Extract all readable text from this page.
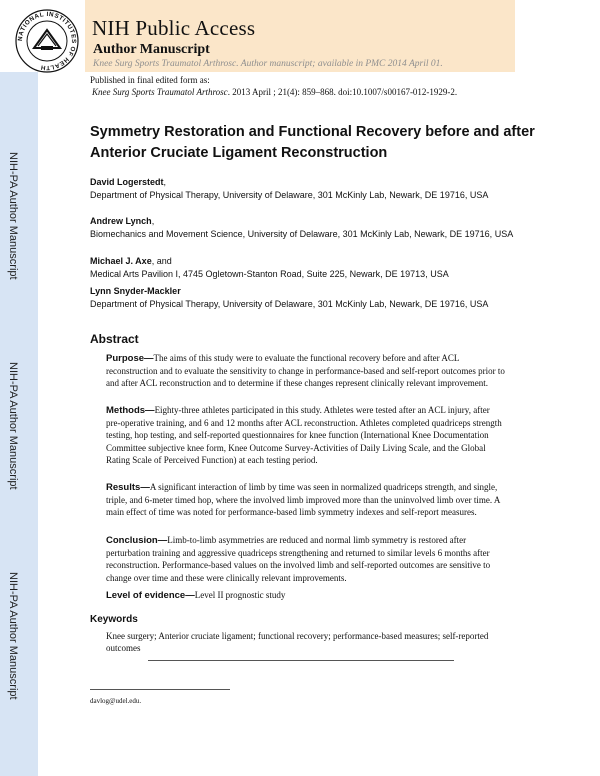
NATIONAL INSTITUTES OF HEALTH
NIH Public Access
Author Manuscript
Knee Surg Sports Traumatol Arthrosc. Author manuscript; available in PMC 2014 April 01.
NIH-PA Author Manuscript
NIH-PA Author Manuscript
NIH-PA Author Manuscript
Published in final edited form as:
Knee Surg Sports Traumatol Arthrosc. 2013 April ; 21(4): 859–868. doi:10.1007/s00167-012-1929-2.
Symmetry Restoration and Functional Recovery before and after Anterior Cruciate Ligament Reconstruction
David Logerstedt,
Department of Physical Therapy, University of Delaware, 301 McKinly Lab, Newark, DE 19716, USA
Andrew Lynch,
Biomechanics and Movement Science, University of Delaware, 301 McKinly Lab, Newark, DE 19716, USA
Michael J. Axe, and
Medical Arts Pavilion I, 4745 Ogletown-Stanton Road, Suite 225, Newark, DE 19713, USA
Lynn Snyder-Mackler
Department of Physical Therapy, University of Delaware, 301 McKinly Lab, Newark, DE 19716, USA
Abstract
Purpose—The aims of this study were to evaluate the functional recovery before and after ACL reconstruction and to evaluate the sensitivity to change in performance-based and self-report outcomes prior to and after ACL reconstruction and to determine if these changes represent clinically relevant improvement.
Methods—Eighty-three athletes participated in this study. Athletes were tested after an ACL injury, after pre-operative training, and 6 and 12 months after ACL reconstruction. Athletes completed quadriceps strength testing, hop testing, and self-reported questionnaires for knee function (International Knee Documentation Committee subjective knee form, Knee Outcome Survey-Activities of Daily Living Scale, and the Global Rating Scale of Perceived Function) at each testing period.
Results—A significant interaction of limb by time was seen in normalized quadriceps strength, and single, triple, and 6-meter timed hop, where the involved limb improved more than the uninvolved limb over time. A main effect of time was noted for performance-based limb symmetry indexes and self-report measures.
Conclusion—Limb-to-limb asymmetries are reduced and normal limb symmetry is restored after perturbation training and aggressive quadriceps strengthening and returned to similar levels 6 months after reconstruction. Performance-based values on the involved limb and self-reported outcomes are sensitive to change over time and these were clinically relevant improvements.
Level of evidence—Level II prognostic study
Keywords
Knee surgery; Anterior cruciate ligament; functional recovery; performance-based measures; self-reported outcomes
davlog@udel.edu.
